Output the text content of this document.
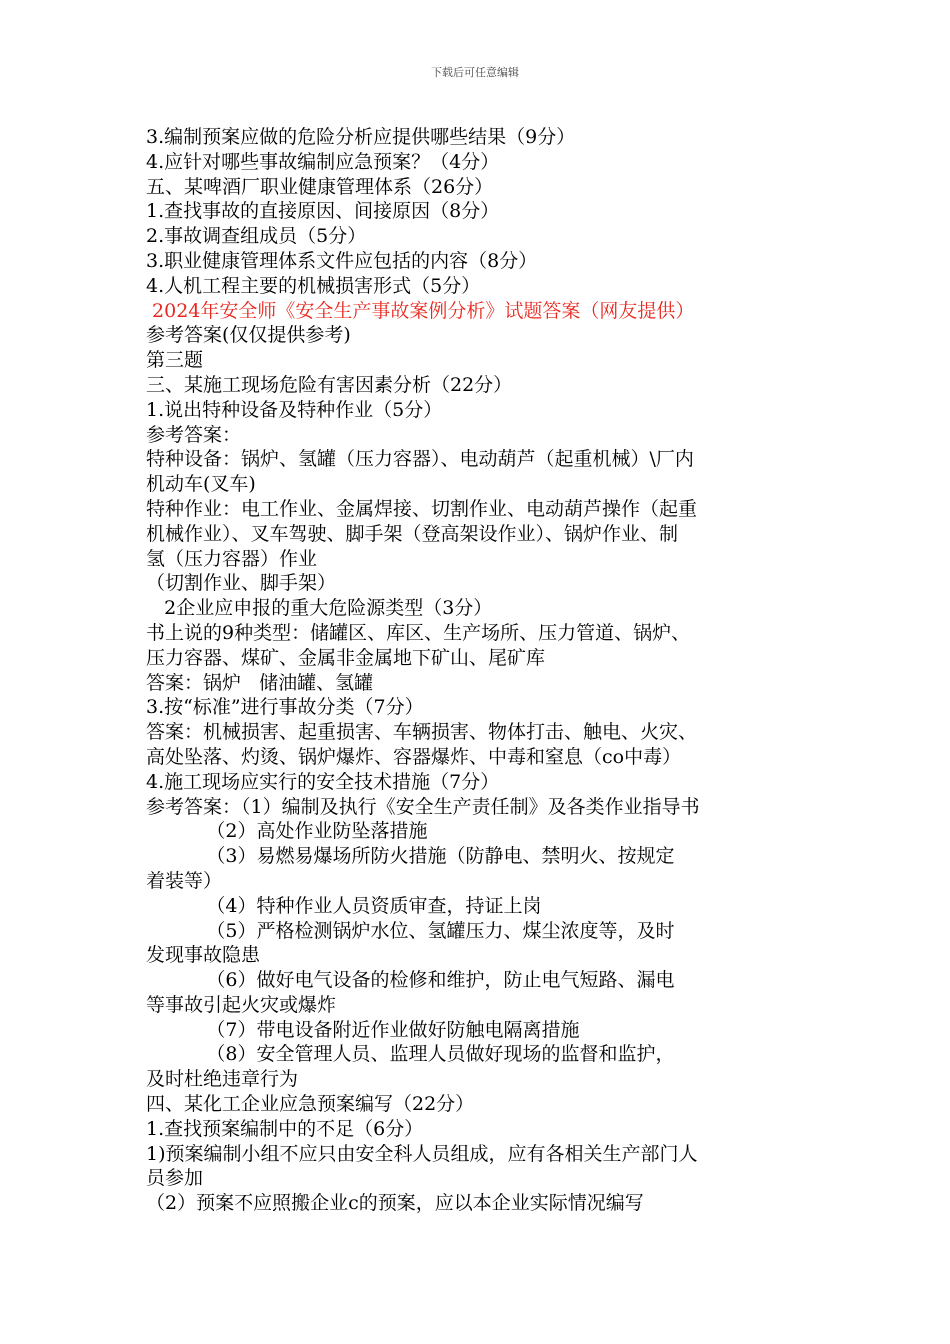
下载后可任意编辑
3.编制预案应做的危险分析应提供哪些结果（9分）
4.应针对哪些事故编制应急预案？（4分）
五、某啤酒厂职业健康管理体系（26分）
1.查找事故的直接原因、间接原因（8分）
2.事故调查组成员（5分）
3.职业健康管理体系文件应包括的内容（8分）
4.人机工程主要的机械损害形式（5分）
2024年安全师《安全生产事故案例分析》试题答案（网友提供）
参考答案(仅仅提供参考)
第三题
三、某施工现场危险有害因素分析（22分）
1.说出特种设备及特种作业（5分）
参考答案：
特种设备：锅炉、氢罐（压力容器）、电动葫芦（起重机械）\厂内
机动车(叉车)
特种作业：电工作业、金属焊接、切割作业、电动葫芦操作（起重
机械作业）、叉车驾驶、脚手架（登高架设作业）、锅炉作业、制
氢（压力容器）作业
（切割作业、脚手架）
2企业应申报的重大危险源类型（3分）
书上说的9种类型：储罐区、库区、生产场所、压力管道、锅炉、
压力容器、煤矿、金属非金属地下矿山、尾矿库
答案：锅炉   储油罐、氢罐
3.按“标准”进行事故分类（7分）
答案：机械损害、起重损害、车辆损害、物体打击、触电、火灾、
高处坠落、灼烫、锅炉爆炸、容器爆炸、中毒和窒息（co中毒）
4.施工现场应实行的安全技术措施（7分）
参考答案：（1）编制及执行《安全生产责任制》及各类作业指导书
（2）高处作业防坠落措施
（3）易燃易爆场所防火措施（防静电、禁明火、按规定
着装等）
（4）特种作业人员资质审查，持证上岗
（5）严格检测锅炉水位、氢罐压力、煤尘浓度等，及时
发现事故隐患
（6）做好电气设备的检修和维护，防止电气短路、漏电
等事故引起火灾或爆炸
（7）带电设备附近作业做好防触电隔离措施
（8）安全管理人员、监理人员做好现场的监督和监护，
及时杜绝违章行为
四、某化工企业应急预案编写（22分）
1.查找预案编制中的不足（6分）
1)预案编制小组不应只由安全科人员组成，应有各相关生产部门人
员参加
（2）预案不应照搬企业c的预案，应以本企业实际情况编写
